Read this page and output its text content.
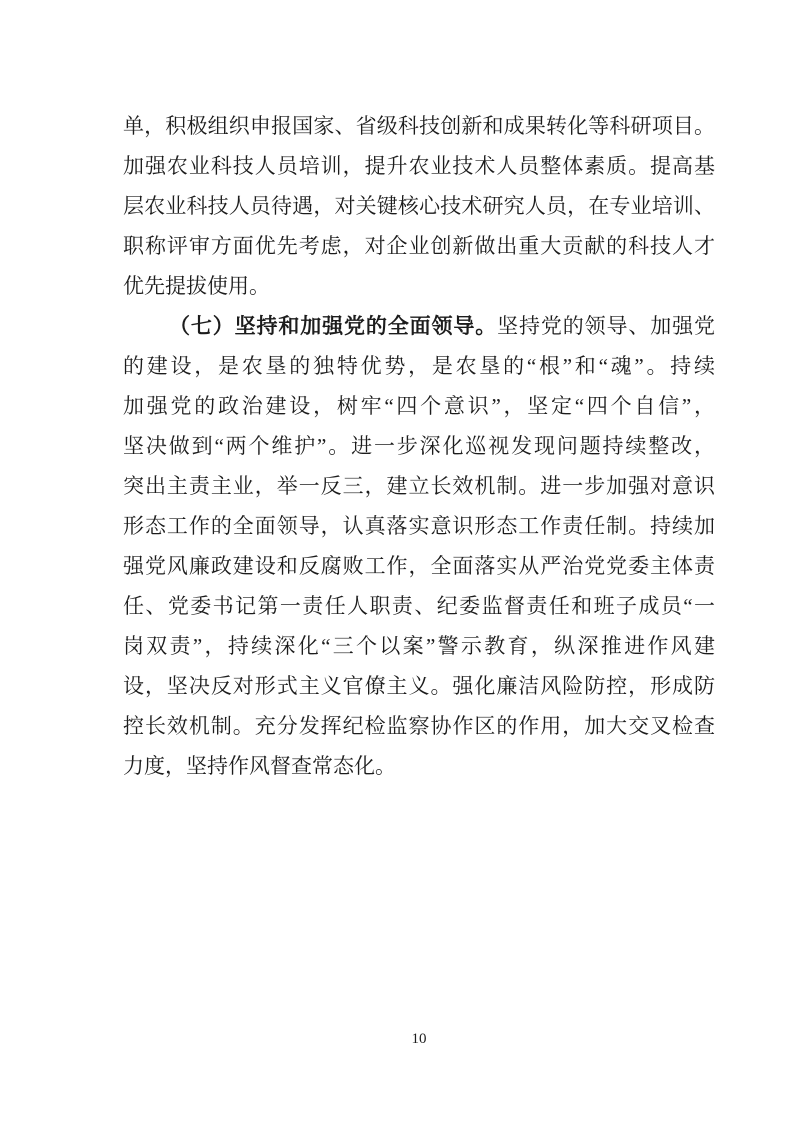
单，积极组织申报国家、省级科技创新和成果转化等科研项目。
加强农业科技人员培训，提升农业技术人员整体素质。提高基
层农业科技人员待遇，对关键核心技术研究人员，在专业培训、
职称评审方面优先考虑，对企业创新做出重大贡献的科技人才
优先提拔使用。
（七）坚持和加强党的全面领导。坚持党的领导、加强党
的建设，是农垦的独特优势，是农垦的“根”和“魂”。持续
加强党的政治建设，树牢“四个意识”，坚定“四个自信”，
坚决做到“两个维护”。进一步深化巡视发现问题持续整改，
突出主责主业，举一反三，建立长效机制。进一步加强对意识
形态工作的全面领导，认真落实意识形态工作责任制。持续加
强党风廉政建设和反腐败工作，全面落实从严治党党委主体责
任、党委书记第一责任人职责、纪委监督责任和班子成员“一
岗双责”，持续深化“三个以案”警示教育，纵深推进作风建
设，坚决反对形式主义官僚主义。强化廉洁风险防控，形成防
控长效机制。充分发挥纪检监察协作区的作用，加大交叉检查
力度，坚持作风督查常态化。
10
